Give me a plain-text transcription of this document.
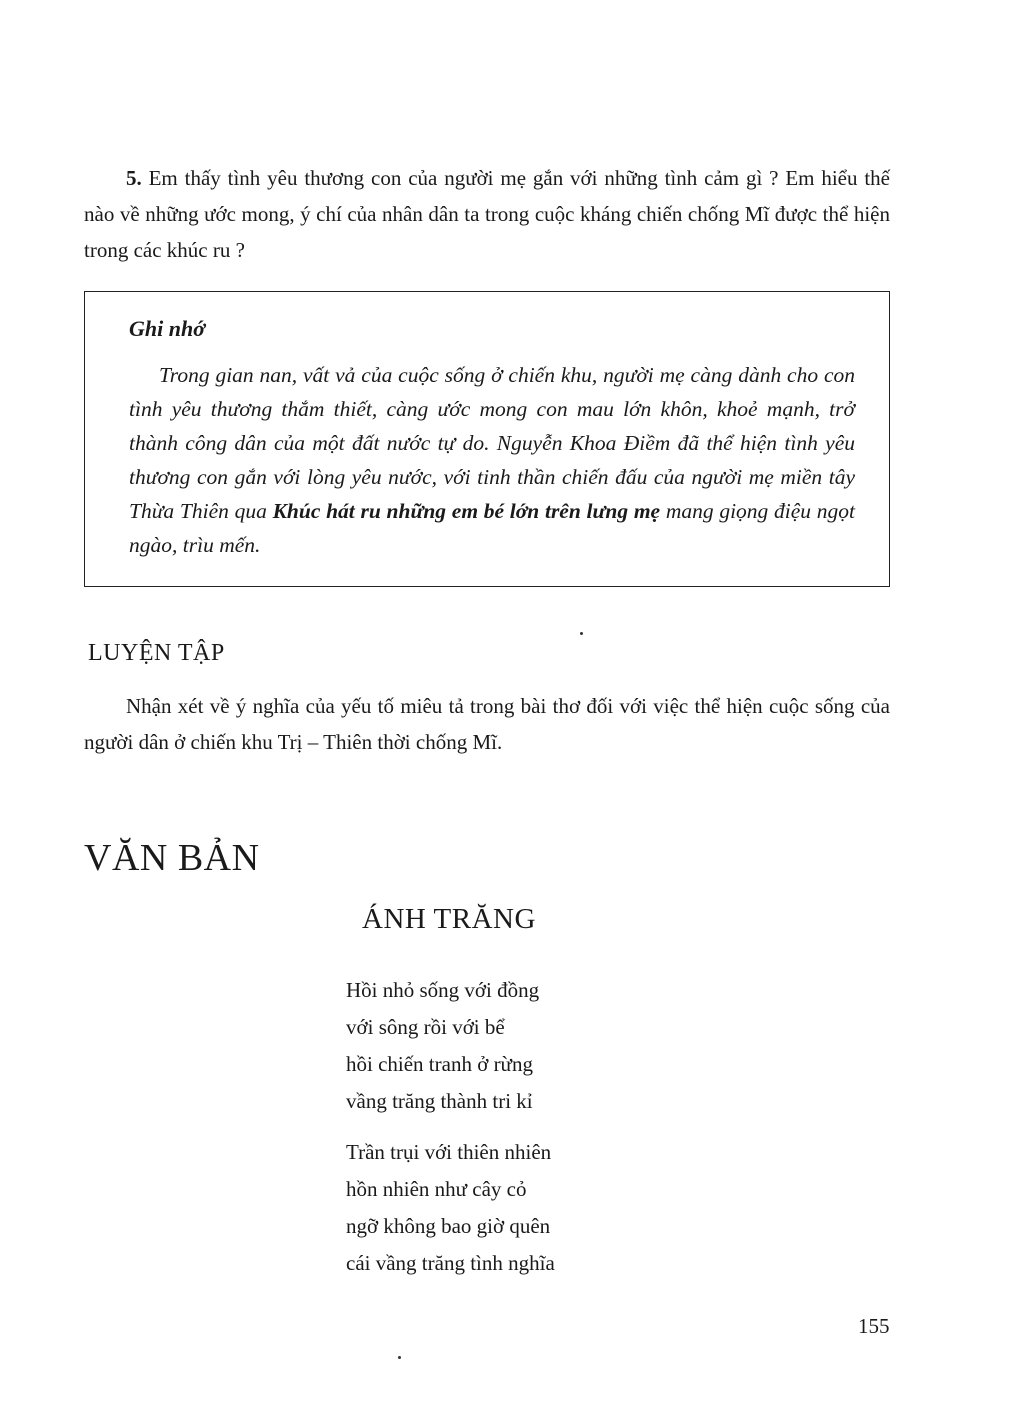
5. Em thấy tình yêu thương con của người mẹ gắn với những tình cảm gì ? Em hiểu thế nào về những ước mong, ý chí của nhân dân ta trong cuộc kháng chiến chống Mĩ được thể hiện trong các khúc ru ?
Ghi nhớ
Trong gian nan, vất vả của cuộc sống ở chiến khu, người mẹ càng dành cho con tình yêu thương thắm thiết, càng ước mong con mau lớn khôn, khoẻ mạnh, trở thành công dân của một đất nước tự do. Nguyễn Khoa Điềm đã thể hiện tình yêu thương con gắn với lòng yêu nước, với tinh thần chiến đấu của người mẹ miền tây Thừa Thiên qua Khúc hát ru những em bé lớn trên lưng mẹ mang giọng điệu ngọt ngào, trìu mến.
LUYỆN TẬP
Nhận xét về ý nghĩa của yếu tố miêu tả trong bài thơ đối với việc thể hiện cuộc sống của người dân ở chiến khu Trị – Thiên thời chống Mĩ.
VĂN BẢN
ÁNH TRĂNG
Hồi nhỏ sống với đồng
với sông rồi với bể
hồi chiến tranh ở rừng
vầng trăng thành tri kỉ
Trần trụi với thiên nhiên
hồn nhiên như cây cỏ
ngỡ không bao giờ quên
cái vầng trăng tình nghĩa
155
